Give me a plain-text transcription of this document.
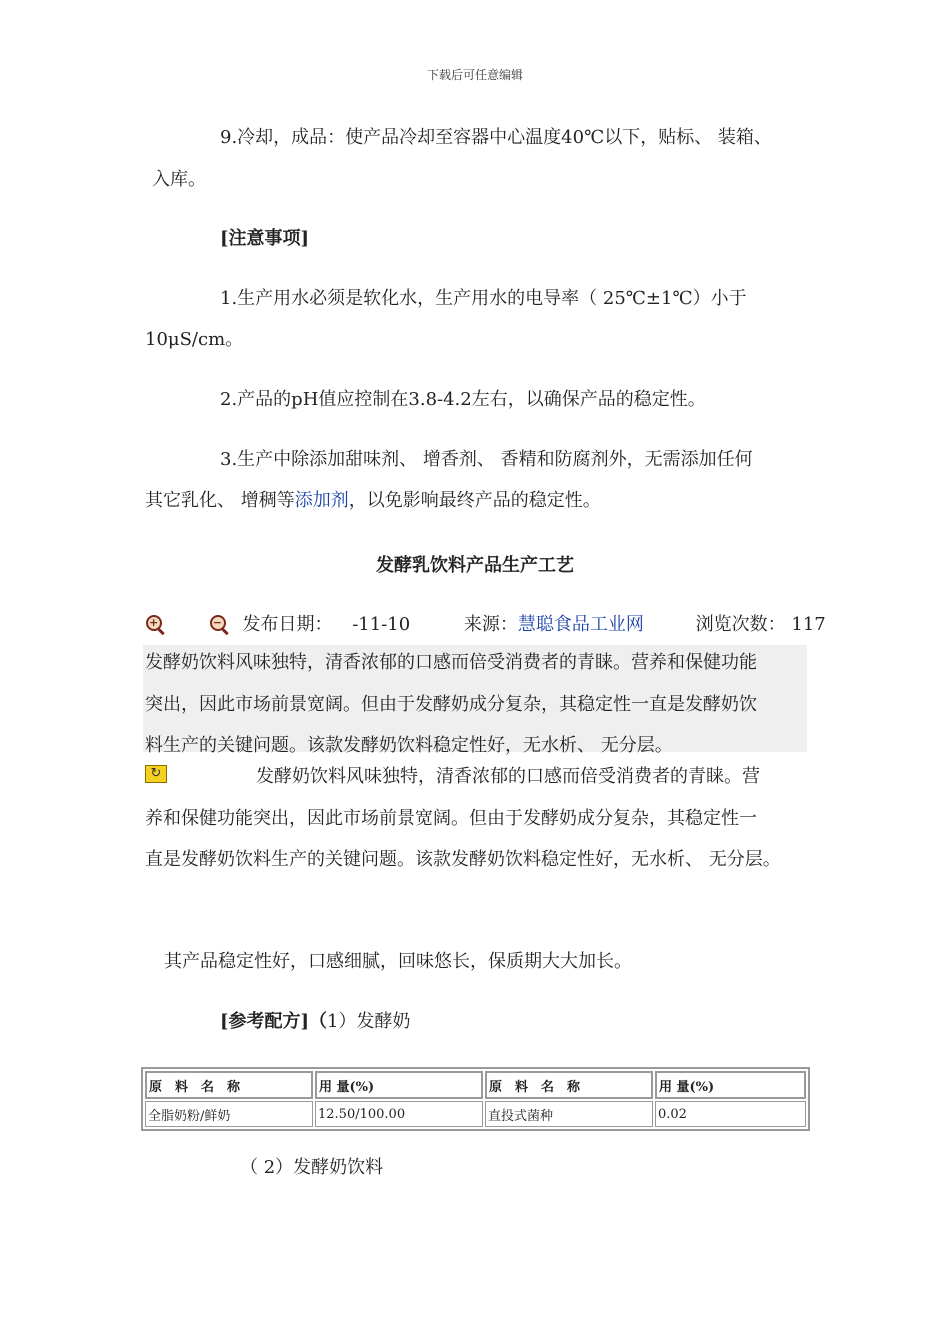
下载后可任意编辑
9.冷却，成品：使产品冷却至容器中心温度40℃以下，贴标、 装箱、
入库。
[注意事项]
1.生产用水必须是软化水，生产用水的电导率（ 25℃±1℃）小于
10μS/cm。
2.产品的pH值应控制在3.8-4.2左右，以确保产品的稳定性。
3.生产中除添加甜味剂、 增香剂、 香精和防腐剂外，无需添加任何
其它乳化、 增稠等添加剂，以免影响最终产品的稳定性。
发酵乳饮料产品生产工艺
+
	− 发布日期： -11-10	来源：慧聪食品工业网	浏览次数： 117
发酵奶饮料风味独特，清香浓郁的口感而倍受消费者的青睐。营养和保健功能
突出，因此市场前景宽阔。但由于发酵奶成分复杂，其稳定性一直是发酵奶饮
料生产的关键问题。该款发酵奶饮料稳定性好，无水析、 无分层。
↻	发酵奶饮料风味独特，清香浓郁的口感而倍受消费者的青睐。营
养和保健功能突出，因此市场前景宽阔。但由于发酵奶成分复杂，其稳定性一
直是发酵奶饮料生产的关键问题。该款发酵奶饮料稳定性好，无水析、 无分层。
其产品稳定性好，口感细腻，回味悠长，保质期大大加长。
[参考配方]（1）发酵奶
原　料　名　称	用 量(%)	原　料　名　称	用 量(%)
全脂奶粉/鲜奶	12.50/100.00	直投式菌种	0.02
（ 2）发酵奶饮料
